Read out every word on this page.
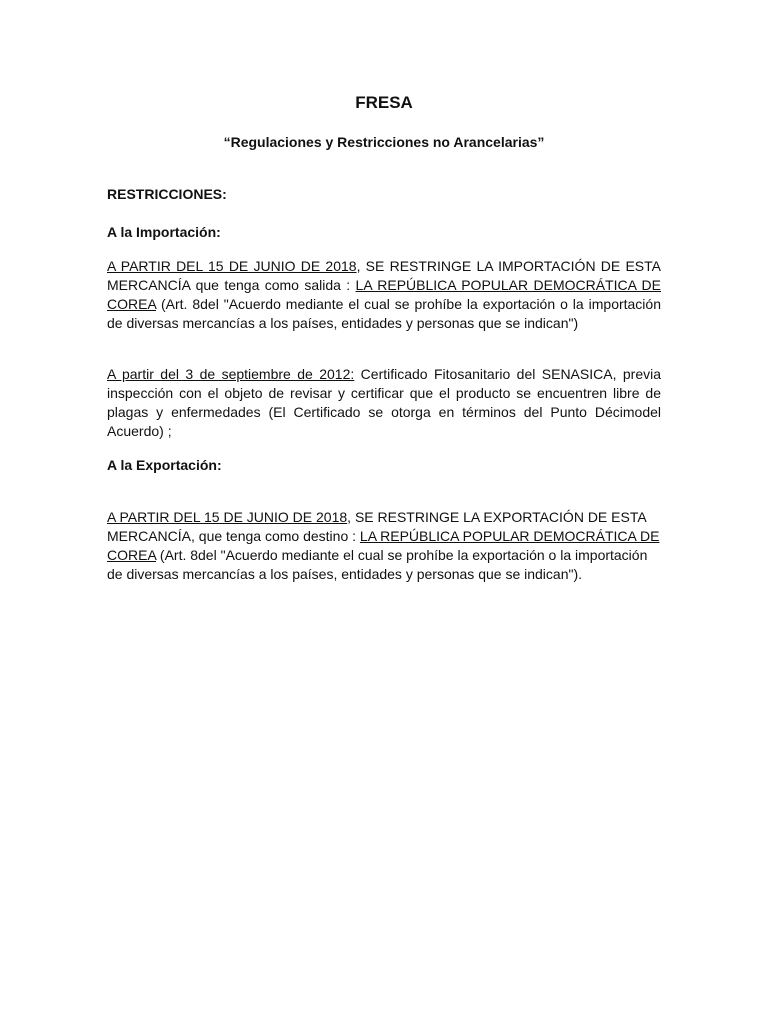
FRESA

“Regulaciones y Restricciones no Arancelarias”

RESTRICCIONES:

A la Importación:

A PARTIR DEL 15 DE JUNIO DE 2018, SE RESTRINGE LA IMPORTACIÓN DE ESTA MERCANCÍA que tenga como salida : LA REPÚBLICA POPULAR DEMOCRÁTICA DE COREA (Art. 8del "Acuerdo mediante el cual se prohíbe la exportación o la importación de diversas mercancías a los países, entidades y personas que se indican")

A partir del 3 de septiembre de 2012: Certificado Fitosanitario del SENASICA, previa inspección con el objeto de revisar y certificar que el producto se encuentren libre de plagas y enfermedades (El Certificado se otorga en términos del Punto Décimodel Acuerdo) ;

A la Exportación:

A PARTIR DEL 15 DE JUNIO DE 2018, SE RESTRINGE LA EXPORTACIÓN DE ESTA MERCANCÍA, que tenga como destino : LA REPÚBLICA POPULAR DEMOCRÁTICA DE COREA (Art. 8del "Acuerdo mediante el cual se prohíbe la exportación o la importación de diversas mercancías a los países, entidades y personas que se indican").
